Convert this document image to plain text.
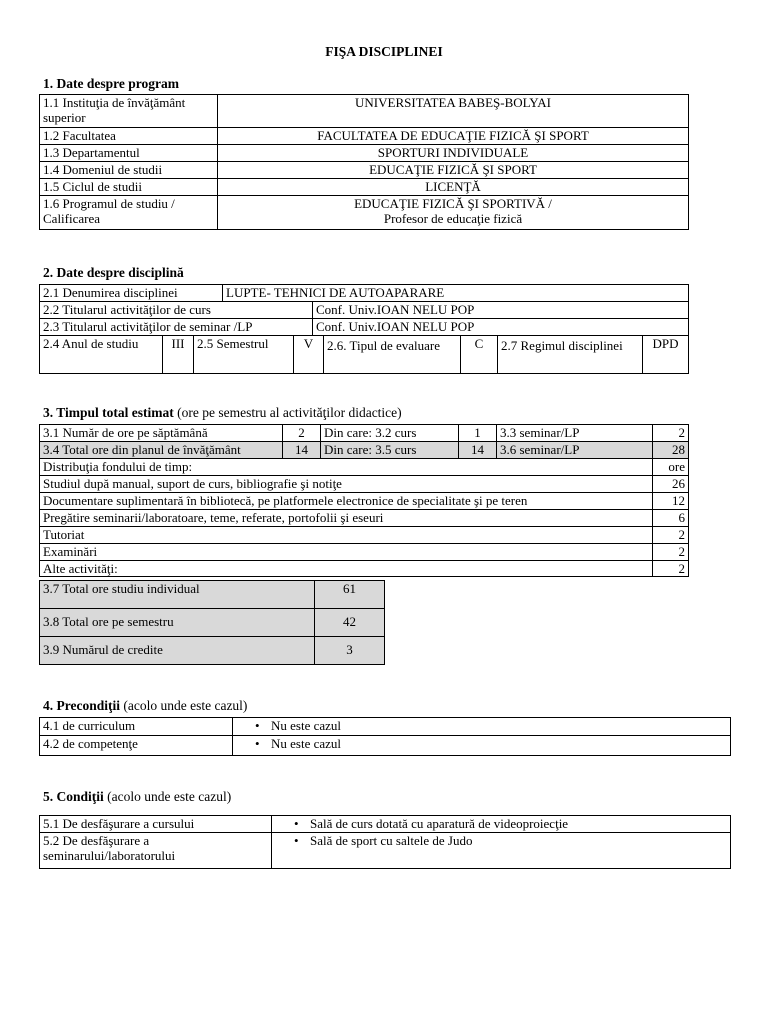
FIŞA DISCIPLINEI
1. Date despre program
1.1 Instituţia de învăţământ superior	UNIVERSITATEA BABEŞ-BOLYAI
1.2 Facultatea	FACULTATEA DE EDUCAŢIE FIZICĂ ŞI SPORT
1.3 Departamentul	SPORTURI INDIVIDUALE
1.4 Domeniul de studii	EDUCAŢIE FIZICĂ ŞI SPORT
1.5 Ciclul de studii	LICENŢĂ
1.6 Programul de studiu / Calificarea	EDUCAŢIE FIZICĂ ŞI SPORTIVĂ /
Profesor de educaţie fizică
2. Date despre disciplină
2.1 Denumirea disciplinei	LUPTE- TEHNICI DE AUTOAPARARE
2.2 Titularul activităţilor de curs	Conf. Univ.IOAN NELU POP
2.3 Titularul activităţilor de seminar /LP	Conf. Univ.IOAN NELU POP
2.4 Anul de studiu	III	2.5 Semestrul	V	2.6. Tipul de evaluare	C	2.7 Regimul disciplinei	DPD
3. Timpul total estimat (ore pe semestru al activităţilor didactice)
3.1 Număr de ore pe săptămână	2	Din care: 3.2 curs	1	3.3 seminar/LP	2
3.4 Total ore din planul de învăţământ	14	Din care: 3.5 curs	14	3.6 seminar/LP	28
Distribuţia fondului de timp:	ore
Studiul după manual, suport de curs, bibliografie şi notiţe	26
Documentare suplimentară în bibliotecă, pe platformele electronice de specialitate şi pe teren	12
Pregătire seminarii/laboratoare, teme, referate, portofolii şi eseuri	6
Tutoriat	2
Examinări	2
Alte activităţi:	2
3.7 Total ore studiu individual	61
3.8 Total ore pe semestru	42
3.9 Numărul de credite	3
4. Precondiţii (acolo unde este cazul)
4.1 de curriculum	• Nu este cazul
4.2 de competenţe	• Nu este cazul
5. Condiţii (acolo unde este cazul)
5.1 De desfăşurare a cursului	• Sală de curs dotată cu aparatură de videoproiecţie
5.2 De desfăşurare a seminarului/laboratorului	• Sală de sport cu saltele de Judo
